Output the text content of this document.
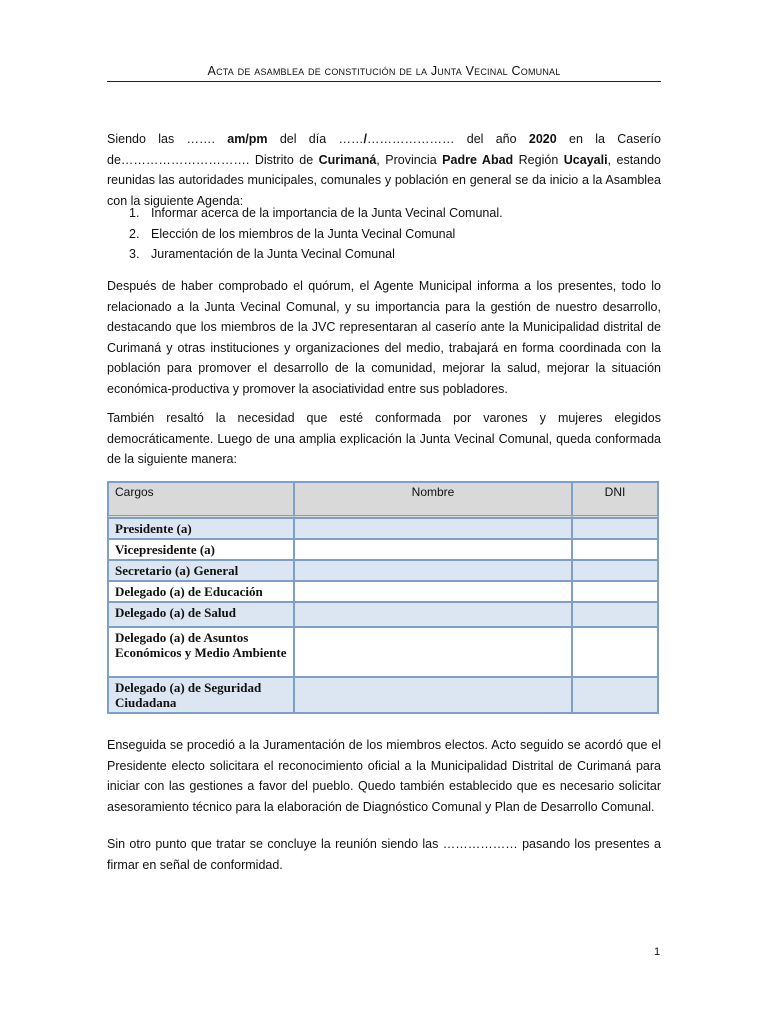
Acta de asamblea de constitución de la Junta Vecinal Comunal
Siendo las ……. am/pm del día ……/………………… del año 2020 en la Caserío de…………………………. Distrito de Curimaná, Provincia Padre Abad Región Ucayali, estando reunidas las autoridades municipales, comunales y población en general se da inicio a la Asamblea con la siguiente Agenda:
1. Informar acerca de la importancia de la Junta Vecinal Comunal.
2. Elección de los miembros de la Junta Vecinal Comunal
3. Juramentación de la Junta Vecinal Comunal
Después de haber comprobado el quórum, el Agente Municipal informa a los presentes, todo lo relacionado a la Junta Vecinal Comunal, y su importancia para la gestión de nuestro desarrollo, destacando que los miembros de la JVC representaran al caserío ante la Municipalidad distrital de Curimaná y otras instituciones y organizaciones del medio, trabajará en forma coordinada con la población para promover el desarrollo de la comunidad, mejorar la salud, mejorar la situación económica-productiva y promover la asociatividad entre sus pobladores.
También resaltó la necesidad que esté conformada por varones y mujeres elegidos democráticamente. Luego de una amplia explicación la Junta Vecinal Comunal, queda conformada de la siguiente manera:
Cargos	Nombre	DNI
Presidente (a)		
Vicepresidente (a)		
Secretario (a) General		
Delegado (a) de Educación		
Delegado (a) de Salud		
Delegado (a) de Asuntos Económicos y Medio Ambiente		
Delegado (a) de Seguridad Ciudadana		
Enseguida se procedió a la Juramentación de los miembros electos. Acto seguido se acordó que el Presidente electo solicitara el reconocimiento oficial a la Municipalidad Distrital de Curimaná para iniciar con las gestiones a favor del pueblo. Quedo también establecido que es necesario solicitar asesoramiento técnico para la elaboración de Diagnóstico Comunal y Plan de Desarrollo Comunal.
Sin otro punto que tratar se concluye la reunión siendo las ……………… pasando los presentes a firmar en señal de conformidad.
1
